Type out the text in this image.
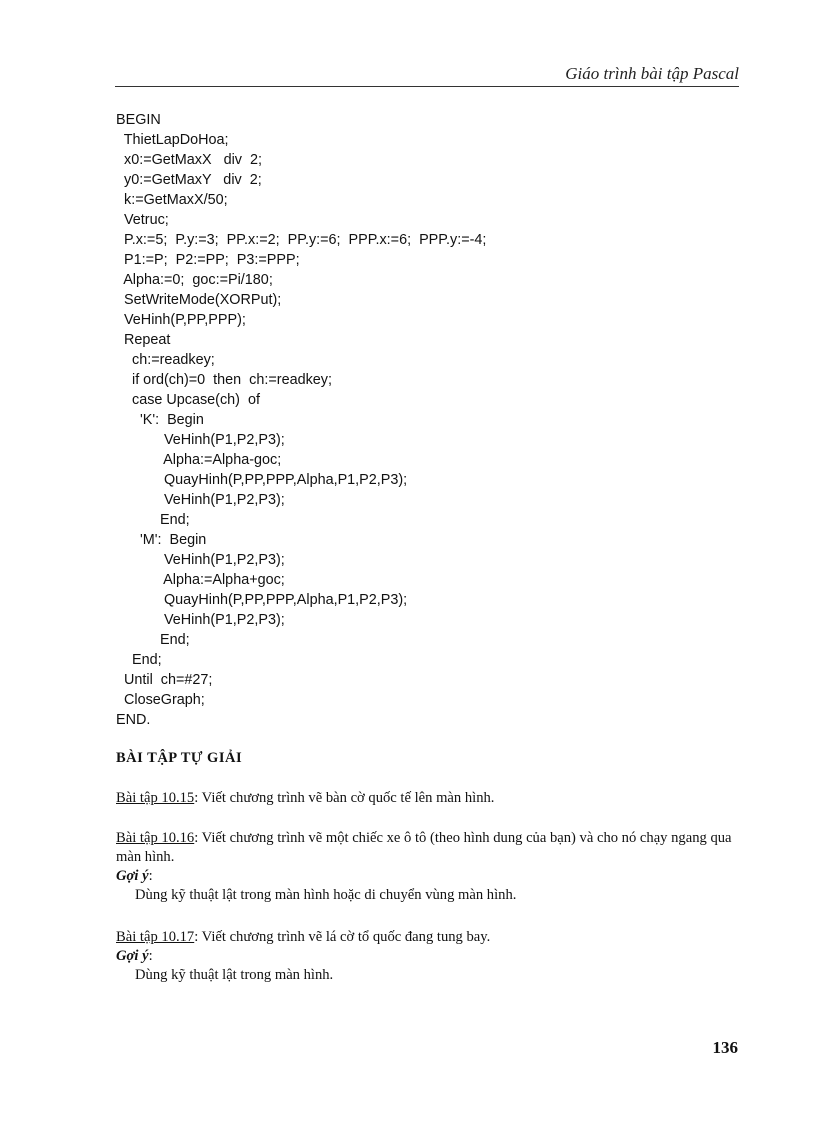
Giáo trình bài tập Pascal
BEGIN
ThietLapDoHoa;
x0:=GetMaxX   div  2;
y0:=GetMaxY   div  2;
k:=GetMaxX/50;
Vetruc;
P.x:=5;  P.y:=3;  PP.x:=2;  PP.y:=6;  PPP.x:=6;  PPP.y:=-4;
P1:=P;  P2:=PP;  P3:=PPP;
Alpha:=0;  goc:=Pi/180;
SetWriteMode(XORPut);
VeHinh(P,PP,PPP);
Repeat
ch:=readkey;
if ord(ch)=0  then  ch:=readkey;
case Upcase(ch)  of
'K':  Begin
VeHinh(P1,P2,P3);
Alpha:=Alpha-goc;
QuayHinh(P,PP,PPP,Alpha,P1,P2,P3);
VeHinh(P1,P2,P3);
End;
'M':  Begin
VeHinh(P1,P2,P3);
Alpha:=Alpha+goc;
QuayHinh(P,PP,PPP,Alpha,P1,P2,P3);
VeHinh(P1,P2,P3);
End;
End;
Until  ch=#27;
CloseGraph;
END.
BÀI TẬP TỰ GIẢI
Bài tập 10.15: Viết chương trình vẽ bàn cờ quốc tế lên màn hình.
Bài tập 10.16: Viết chương trình vẽ một chiếc xe ô tô (theo hình dung của bạn) và cho nó chạy ngang qua màn hình.
Gợi ý:
Dùng kỹ thuật lật trong màn hình hoặc di chuyển vùng màn hình.
Bài tập 10.17: Viết chương trình vẽ lá cờ tổ quốc đang tung bay.
Gợi ý:
Dùng kỹ thuật lật trong màn hình.
136
